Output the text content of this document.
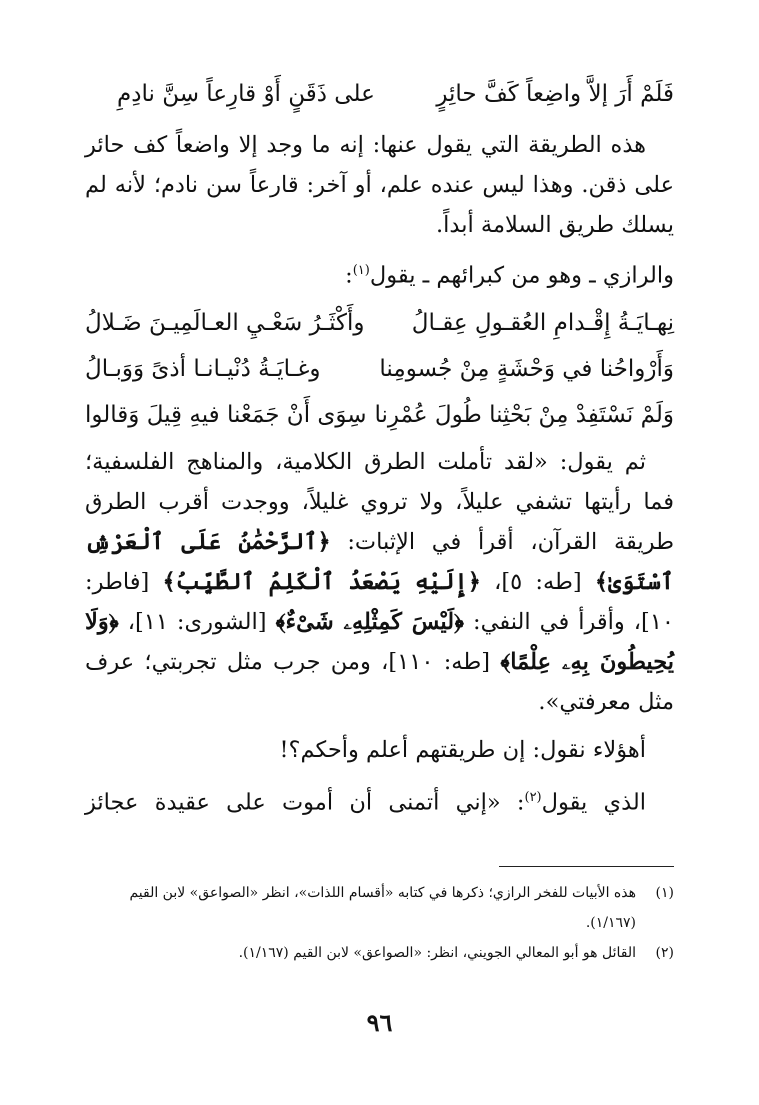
فَلَمْ أَرَ إلاَّ واضِعاً كَفَّ حائِرٍ
على ذَقَنٍ أَوْ قارِعاً سِنَّ نادِمِ

هذه الطريقة التي يقول عنها: إنه ما وجد إلا واضعاً كف حائر على ذقن. وهذا ليس عنده علم، أو آخر: قارعاً سن نادم؛ لأنه لم يسلك طريق السلامة أبداً.

والرازي ـ وهو من كبرائهم ـ يقول$^{(١)}$:

نِهـايَـةُ إِقْـدامِ العُقـولِ عِقـالُ
وأَكْثَـرُ سَعْـيِ العـالَمِيـنَ ضَـلالُ
وَأَرْواحُنا في وَحْشَةٍ مِنْ جُسومِنا
وغـايَـةُ دُنْيـانـا أذىً وَوَبـالُ
وَلَمْ نَسْتَفِدْ مِنْ بَحْثِنا طُولَ عُمْرِنا
سِوَى أَنْ جَمَعْنا فيهِ قِيلَ وَقالوا

ثم يقول: «لقد تأملت الطرق الكلامية، والمناهج الفلسفية؛ فما رأيتها تشفي عليلاً، ولا تروي غليلاً، ووجدت أقرب الطرق طريقة القرآن، أقرأ في الإثبات: ﴿ٱلرَّحْمَٰنُ عَلَى ٱلْعَرْشِ ٱسْتَوَىٰ﴾ [طه: ٥]، ﴿إِلَيْهِ يَصْعَدُ ٱلْكَلِمُ ٱلطَّيِّبُ﴾ [فاطر: ١٠]، وأقرأ في النفي: ﴿لَيْسَ كَمِثْلِهِۦ شَىْءٌ﴾ [الشورى: ١١]، ﴿وَلَا يُحِيطُونَ بِهِۦ عِلْمًا﴾ [طه: ١١٠]، ومن جرب مثل تجربتي؛ عرف مثل معرفتي».

أهؤلاء نقول: إن طريقتهم أعلم وأحكم؟!

الذي يقول$^{(٢)}$: «إني أتمنى أن أموت على عقيدة عجائز

(١)
هذه الأبيات للفخر الرازي؛ ذكرها في كتابه «أقسام اللذات»، انظر «الصواعق» لابن القيم (١/١٦٧).
(٢)
القائل هو أبو المعالي الجويني، انظر: «الصواعق» لابن القيم (١/١٦٧).
٩٦
